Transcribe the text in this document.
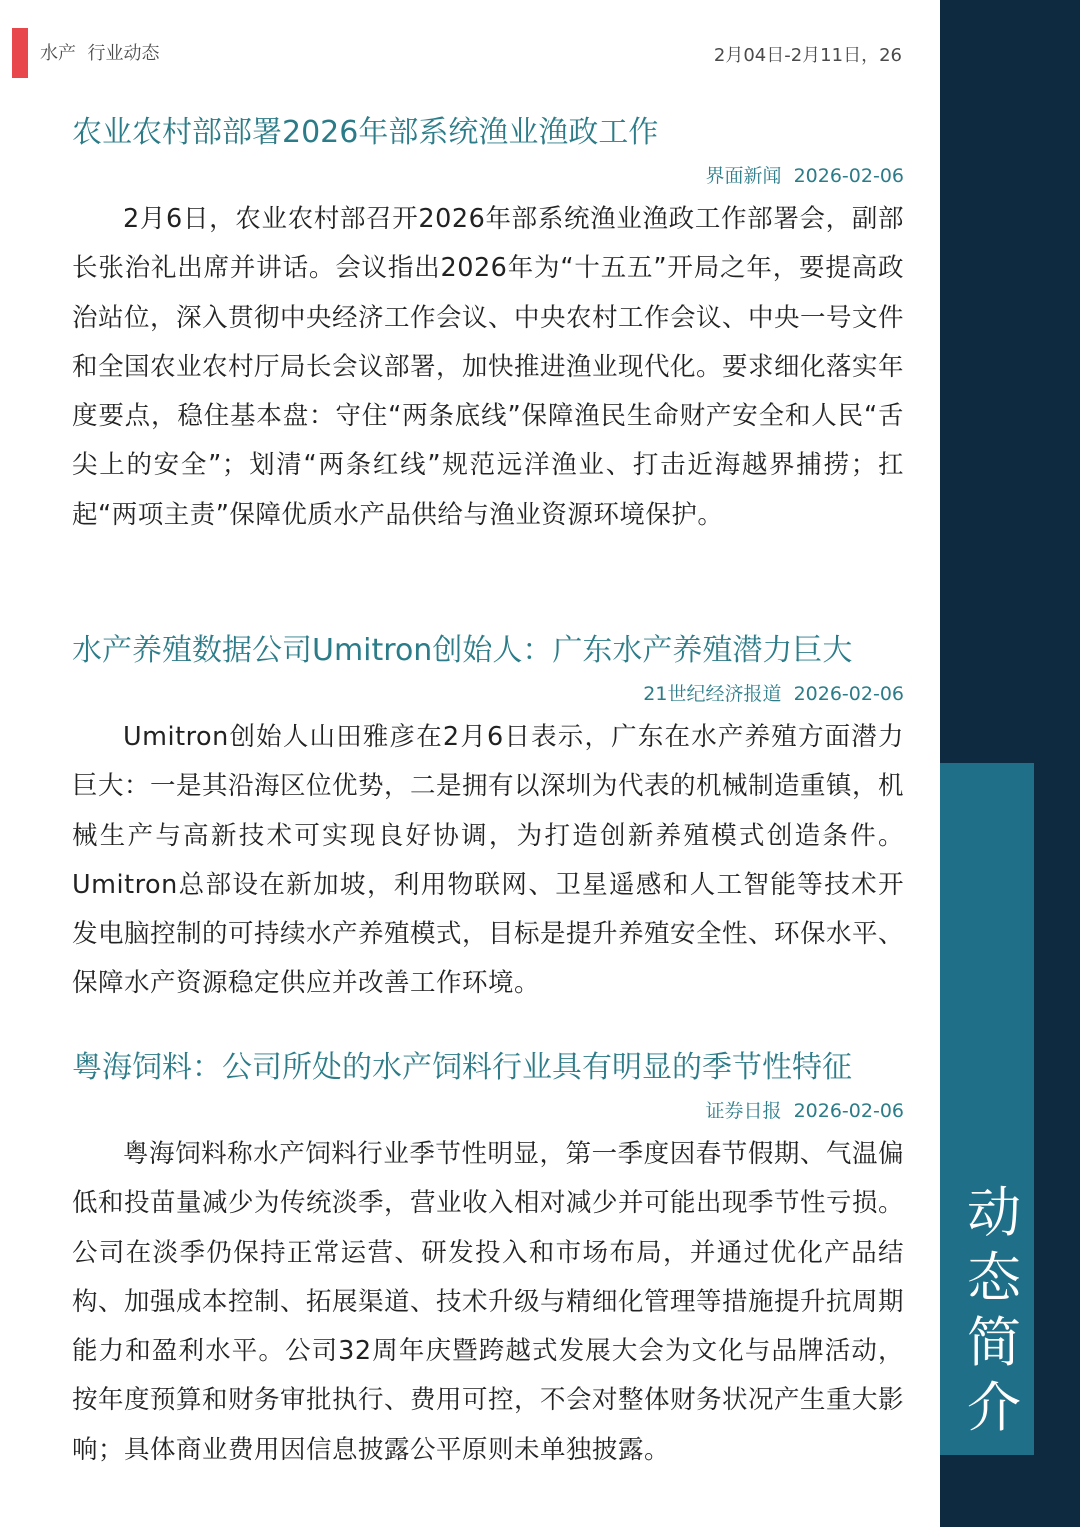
动
态
简
介
水产  行业动态	2月04日-2月11日，26
农业农村部部署2026年部系统渔业渔政工作
界面新闻 2026-02-06
2月6日，农业农村部召开2026年部系统渔业渔政工作部署会，副部长张治礼出席并讲话。会议指出2026年为“十五五”开局之年，要提高政治站位，深入贯彻中央经济工作会议、中央农村工作会议、中央一号文件和全国农业农村厅局长会议部署，加快推进渔业现代化。要求细化落实年度要点，稳住基本盘：守住“两条底线”保障渔民生命财产安全和人民“舌尖上的安全”；划清“两条红线”规范远洋渔业、打击近海越界捕捞；扛起“两项主责”保障优质水产品供给与渔业资源环境保护。
水产养殖数据公司Umitron创始人：广东水产养殖潜力巨大
21世纪经济报道 2026-02-06
Umitron创始人山田雅彦在2月6日表示，广东在水产养殖方面潜力巨大：一是其沿海区位优势，二是拥有以深圳为代表的机械制造重镇，机械生产与高新技术可实现良好协调，为打造创新养殖模式创造条件。Umitron总部设在新加坡，利用物联网、卫星遥感和人工智能等技术开发电脑控制的可持续水产养殖模式，目标是提升养殖安全性、环保水平、保障水产资源稳定供应并改善工作环境。
粤海饲料：公司所处的水产饲料行业具有明显的季节性特征
证券日报 2026-02-06
粤海饲料称水产饲料行业季节性明显，第一季度因春节假期、气温偏低和投苗量减少为传统淡季，营业收入相对减少并可能出现季节性亏损。公司在淡季仍保持正常运营、研发投入和市场布局，并通过优化产品结构、加强成本控制、拓展渠道、技术升级与精细化管理等措施提升抗周期能力和盈利水平。公司32周年庆暨跨越式发展大会为文化与品牌活动，按年度预算和财务审批执行、费用可控，不会对整体财务状况产生重大影响；具体商业费用因信息披露公平原则未单独披露。
